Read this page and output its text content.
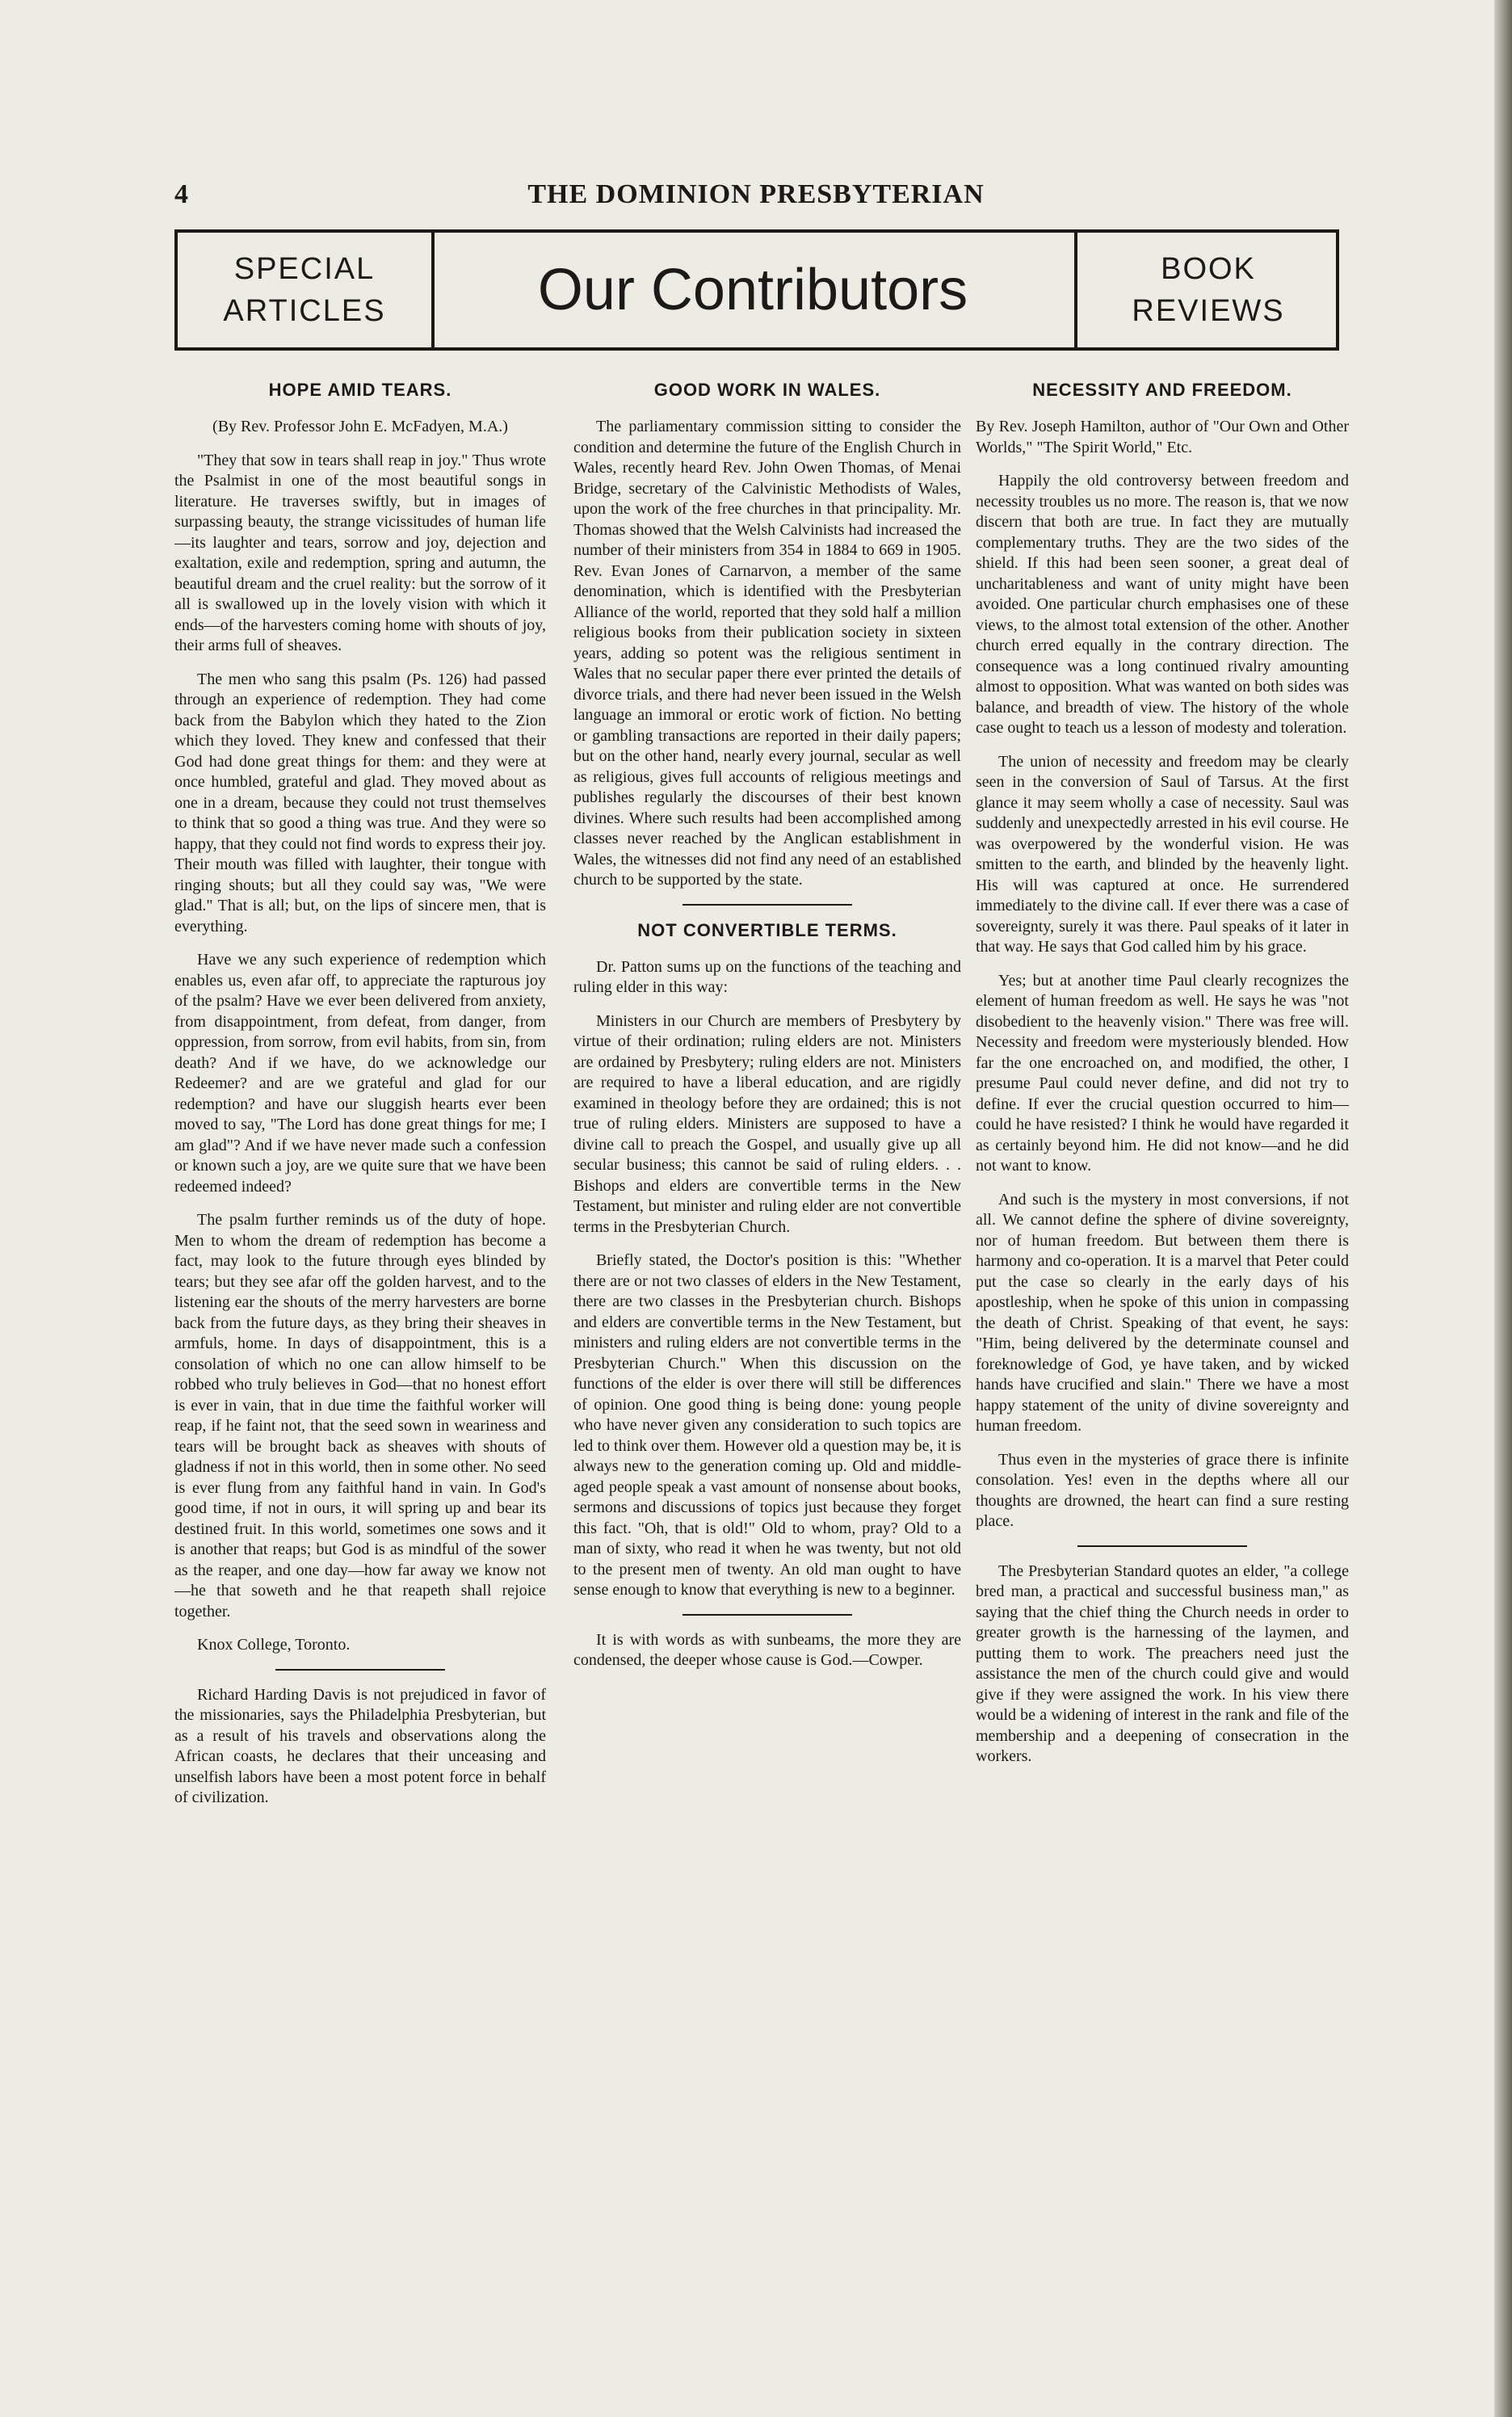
4	THE DOMINION PRESBYTERIAN
SPECIAL
ARTICLES	Our Contributors	BOOK
REVIEWS
HOPE AMID TEARS.

(By Rev. Professor John E. McFadyen, M.A.)

"They that sow in tears shall reap in joy." Thus wrote the Psalmist in one of the most beautiful songs in literature. He traverses swiftly, but in images of surpassing beauty, the strange vicissitudes of human life—its laughter and tears, sorrow and joy, dejection and exaltation, exile and redemption, spring and autumn, the beautiful dream and the cruel reality: but the sorrow of it all is swallowed up in the lovely vision with which it ends—of the harvesters coming home with shouts of joy, their arms full of sheaves.

The men who sang this psalm (Ps. 126) had passed through an experience of redemption. They had come back from the Babylon which they hated to the Zion which they loved. They knew and confessed that their God had done great things for them: and they were at once humbled, grateful and glad. They moved about as one in a dream, because they could not trust themselves to think that so good a thing was true. And they were so happy, that they could not find words to express their joy. Their mouth was filled with laughter, their tongue with ringing shouts; but all they could say was, "We were glad." That is all; but, on the lips of sincere men, that is everything.

Have we any such experience of redemption which enables us, even afar off, to appreciate the rapturous joy of the psalm? Have we ever been delivered from anxiety, from disappointment, from defeat, from danger, from oppression, from sorrow, from evil habits, from sin, from death? And if we have, do we acknowledge our Redeemer? and are we grateful and glad for our redemption? and have our sluggish hearts ever been moved to say, "The Lord has done great things for me; I am glad"? And if we have never made such a confession or known such a joy, are we quite sure that we have been redeemed indeed?

The psalm further reminds us of the duty of hope. Men to whom the dream of redemption has become a fact, may look to the future through eyes blinded by tears; but they see afar off the golden harvest, and to the listening ear the shouts of the merry harvesters are borne back from the future days, as they bring their sheaves in armfuls, home. In days of disappointment, this is a consolation of which no one can allow himself to be robbed who truly believes in God—that no honest effort is ever in vain, that in due time the faithful worker will reap, if he faint not, that the seed sown in weariness and tears will be brought back as sheaves with shouts of gladness if not in this world, then in some other. No seed is ever flung from any faithful hand in vain. In God's good time, if not in ours, it will spring up and bear its destined fruit. In this world, sometimes one sows and it is another that reaps; but God is as mindful of the sower as the reaper, and one day—how far away we know not—he that soweth and he that reapeth shall rejoice together.

Knox College, Toronto.

Richard Harding Davis is not prejudiced in favor of the missionaries, says the Philadelphia Presbyterian, but as a result of his travels and observations along the African coasts, he declares that their unceasing and unselfish labors have been a most potent force in behalf of civilization.

GOOD WORK IN WALES.

The parliamentary commission sitting to consider the condition and determine the future of the English Church in Wales, recently heard Rev. John Owen Thomas, of Menai Bridge, secretary of the Calvinistic Methodists of Wales, upon the work of the free churches in that principality. Mr. Thomas showed that the Welsh Calvinists had increased the number of their ministers from 354 in 1884 to 669 in 1905. Rev. Evan Jones of Carnarvon, a member of the same denomination, which is identified with the Presbyterian Alliance of the world, reported that they sold half a million religious books from their publication society in sixteen years, adding so potent was the religious sentiment in Wales that no secular paper there ever printed the details of divorce trials, and there had never been issued in the Welsh language an immoral or erotic work of fiction. No betting or gambling transactions are reported in their daily papers; but on the other hand, nearly every journal, secular as well as religious, gives full accounts of religious meetings and publishes regularly the discourses of their best known divines. Where such results had been accomplished among classes never reached by the Anglican establishment in Wales, the witnesses did not find any need of an established church to be supported by the state.

NOT CONVERTIBLE TERMS.

Dr. Patton sums up on the functions of the teaching and ruling elder in this way:

Ministers in our Church are members of Presbytery by virtue of their ordination; ruling elders are not. Ministers are ordained by Presbytery; ruling elders are not. Ministers are required to have a liberal education, and are rigidly examined in theology before they are ordained; this is not true of ruling elders. Ministers are supposed to have a divine call to preach the Gospel, and usually give up all secular business; this cannot be said of ruling elders. . . Bishops and elders are convertible terms in the New Testament, but minister and ruling elder are not convertible terms in the Presbyterian Church.

Briefly stated, the Doctor's position is this: "Whether there are or not two classes of elders in the New Testament, there are two classes in the Presbyterian church. Bishops and elders are convertible terms in the New Testament, but ministers and ruling elders are not convertible terms in the Presbyterian Church." When this discussion on the functions of the elder is over there will still be differences of opinion. One good thing is being done: young people who have never given any consideration to such topics are led to think over them. However old a question may be, it is always new to the generation coming up. Old and middle-aged people speak a vast amount of nonsense about books, sermons and discussions of topics just because they forget this fact. "Oh, that is old!" Old to whom, pray? Old to a man of sixty, who read it when he was twenty, but not old to the present men of twenty. An old man ought to have sense enough to know that everything is new to a beginner.

It is with words as with sunbeams, the more they are condensed, the deeper whose cause is God.—Cowper.

NECESSITY AND FREEDOM.

By Rev. Joseph Hamilton, author of "Our Own and Other Worlds," "The Spirit World," Etc.

Happily the old controversy between freedom and necessity troubles us no more. The reason is, that we now discern that both are true. In fact they are mutually complementary truths. They are the two sides of the shield. If this had been seen sooner, a great deal of uncharitableness and want of unity might have been avoided. One particular church emphasises one of these views, to the almost total extension of the other. Another church erred equally in the contrary direction. The consequence was a long continued rivalry amounting almost to opposition. What was wanted on both sides was balance, and breadth of view. The history of the whole case ought to teach us a lesson of modesty and toleration.

The union of necessity and freedom may be clearly seen in the conversion of Saul of Tarsus. At the first glance it may seem wholly a case of necessity. Saul was suddenly and unexpectedly arrested in his evil course. He was overpowered by the wonderful vision. He was smitten to the earth, and blinded by the heavenly light. His will was captured at once. He surrendered immediately to the divine call. If ever there was a case of sovereignty, surely it was there. Paul speaks of it later in that way. He says that God called him by his grace.

Yes; but at another time Paul clearly recognizes the element of human freedom as well. He says he was "not disobedient to the heavenly vision." There was free will. Necessity and freedom were mysteriously blended. How far the one encroached on, and modified, the other, I presume Paul could never define, and did not try to define. If ever the crucial question occurred to him—could he have resisted? I think he would have regarded it as certainly beyond him. He did not know—and he did not want to know.

And such is the mystery in most conversions, if not all. We cannot define the sphere of divine sovereignty, nor of human freedom. But between them there is harmony and co-operation. It is a marvel that Peter could put the case so clearly in the early days of his apostleship, when he spoke of this union in compassing the death of Christ. Speaking of that event, he says: "Him, being delivered by the determinate counsel and foreknowledge of God, ye have taken, and by wicked hands have crucified and slain." There we have a most happy statement of the unity of divine sovereignty and human freedom.

Thus even in the mysteries of grace there is infinite consolation. Yes! even in the depths where all our thoughts are drowned, the heart can find a sure resting place.

The Presbyterian Standard quotes an elder, "a college bred man, a practical and successful business man," as saying that the chief thing the Church needs in order to greater growth is the harnessing of the laymen, and putting them to work. The preachers need just the assistance the men of the church could give and would give if they were assigned the work. In his view there would be a widening of interest in the rank and file of the membership and a deepening of consecration in the workers.
